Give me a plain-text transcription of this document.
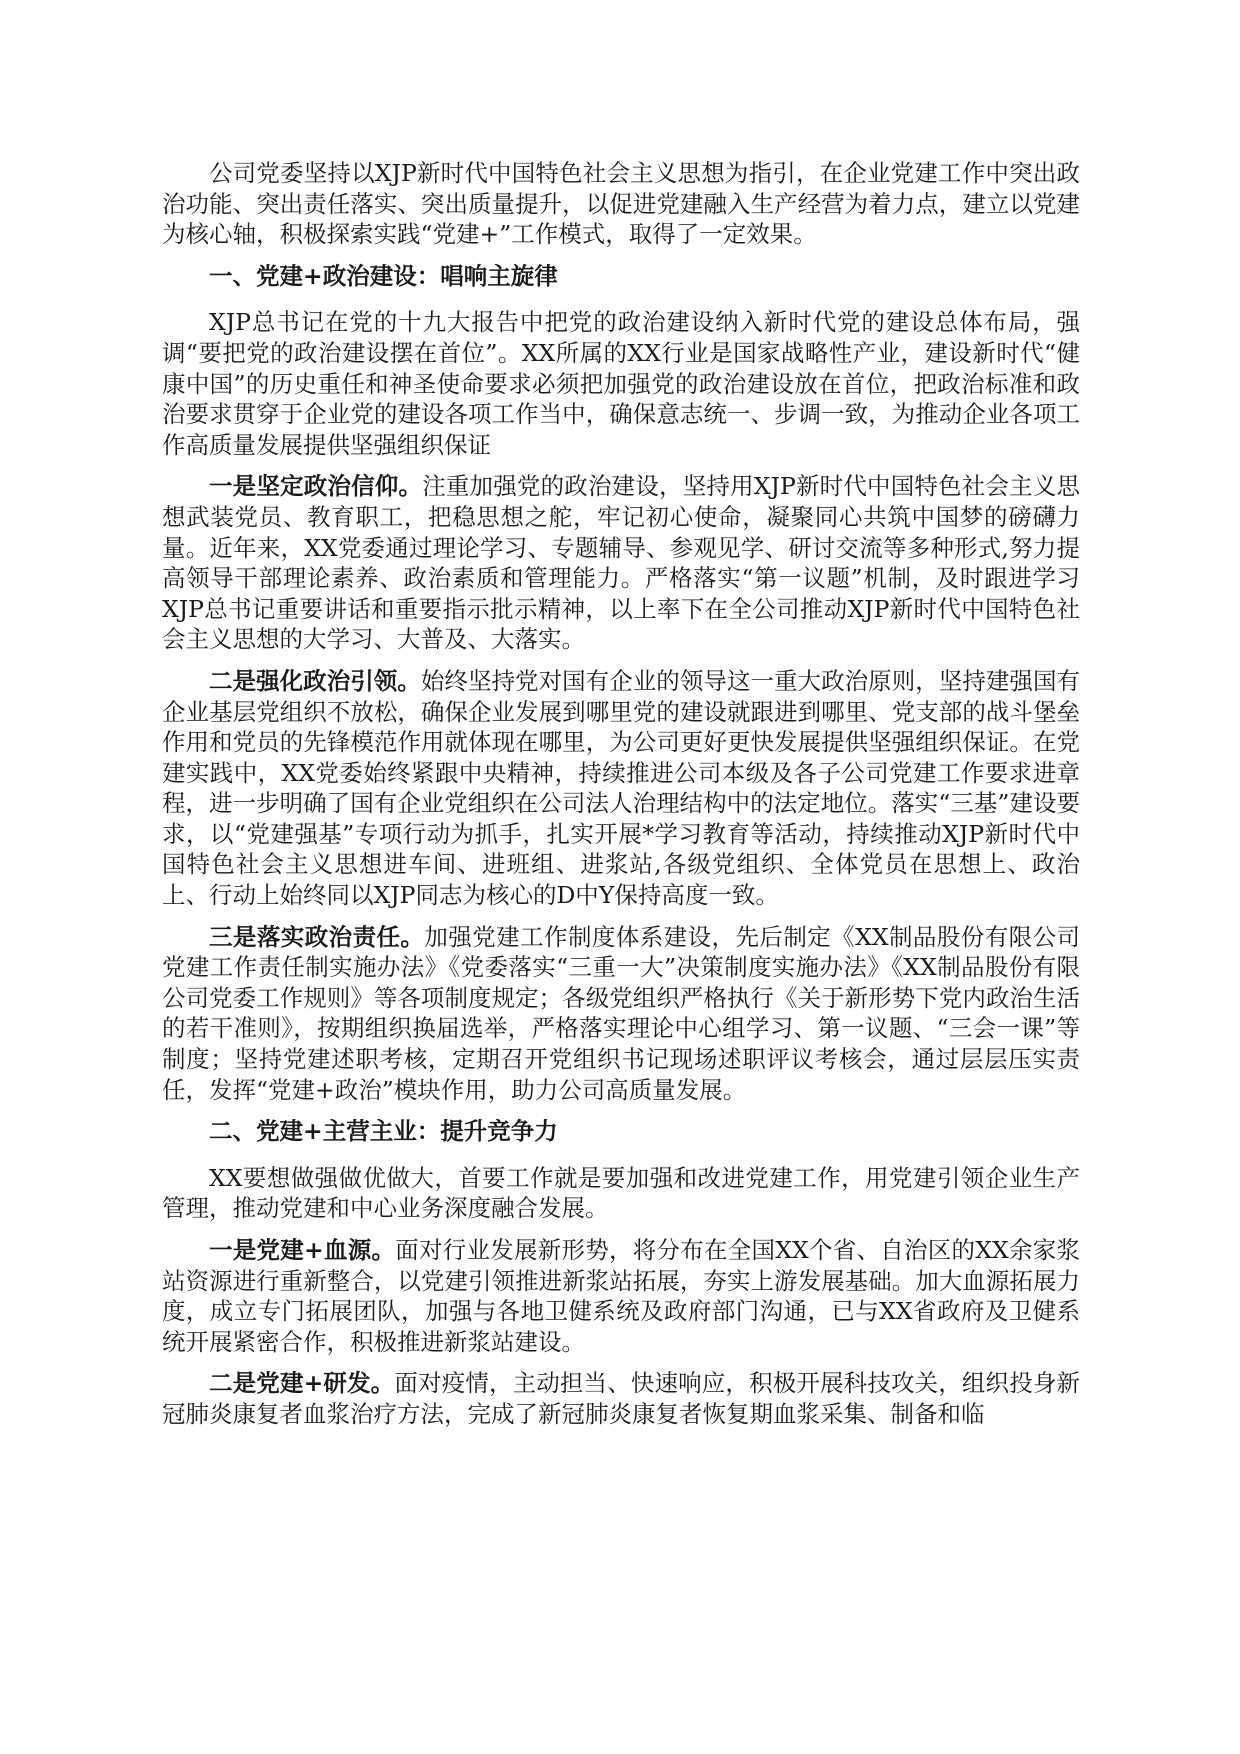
公司党委坚持以XJP新时代中国特色社会主义思想为指引，在企业党建工作中突出政治功能、突出责任落实、突出质量提升，以促进党建融入生产经营为着力点，建立以党建为核心轴，积极探索实践“党建+”工作模式，取得了一定效果。

一、党建+政治建设：唱响主旋律

XJP总书记在党的十九大报告中把党的政治建设纳入新时代党的建设总体布局，强调“要把党的政治建设摆在首位”。XX所属的XX行业是国家战略性产业，建设新时代“健康中国”的历史重任和神圣使命要求必须把加强党的政治建设放在首位，把政治标准和政治要求贯穿于企业党的建设各项工作当中，确保意志统一、步调一致，为推动企业各项工作高质量发展提供坚强组织保证

一是坚定政治信仰。注重加强党的政治建设，坚持用XJP新时代中国特色社会主义思想武装党员、教育职工，把稳思想之舵，牢记初心使命，凝聚同心共筑中国梦的磅礴力量。近年来，XX党委通过理论学习、专题辅导、参观见学、研讨交流等多种形式,努力提高领导干部理论素养、政治素质和管理能力。严格落实“第一议题”机制，及时跟进学习XJP总书记重要讲话和重要指示批示精神，以上率下在全公司推动XJP新时代中国特色社会主义思想的大学习、大普及、大落实。

二是强化政治引领。始终坚持党对国有企业的领导这一重大政治原则，坚持建强国有企业基层党组织不放松，确保企业发展到哪里党的建设就跟进到哪里、党支部的战斗堡垒作用和党员的先锋模范作用就体现在哪里，为公司更好更快发展提供坚强组织保证。在党建实践中，XX党委始终紧跟中央精神，持续推进公司本级及各子公司党建工作要求进章程，进一步明确了国有企业党组织在公司法人治理结构中的法定地位。落实“三基”建设要求，以“党建强基”专项行动为抓手，扎实开展*学习教育等活动，持续推动XJP新时代中国特色社会主义思想进车间、进班组、进浆站,各级党组织、全体党员在思想上、政治上、行动上始终同以XJP同志为核心的D中Y保持高度一致。

三是落实政治责任。加强党建工作制度体系建设，先后制定《XX制品股份有限公司党建工作责任制实施办法》《党委落实“三重一大”决策制度实施办法》《XX制品股份有限公司党委工作规则》等各项制度规定；各级党组织严格执行《关于新形势下党内政治生活的若干准则》，按期组织换届选举，严格落实理论中心组学习、第一议题、“三会一课”等制度；坚持党建述职考核，定期召开党组织书记现场述职评议考核会，通过层层压实责任，发挥“党建+政治”模块作用，助力公司高质量发展。

二、党建+主营主业：提升竞争力

XX要想做强做优做大，首要工作就是要加强和改进党建工作，用党建引领企业生产管理，推动党建和中心业务深度融合发展。

一是党建+血源。面对行业发展新形势，将分布在全国XX个省、自治区的XX余家浆站资源进行重新整合，以党建引领推进新浆站拓展，夯实上游发展基础。加大血源拓展力度，成立专门拓展团队，加强与各地卫健系统及政府部门沟通，已与XX省政府及卫健系统开展紧密合作，积极推进新浆站建设。

二是党建+研发。面对疫情，主动担当、快速响应，积极开展科技攻关，组织投身新冠肺炎康复者血浆治疗方法，完成了新冠肺炎康复者恢复期血浆采集、制备和临
